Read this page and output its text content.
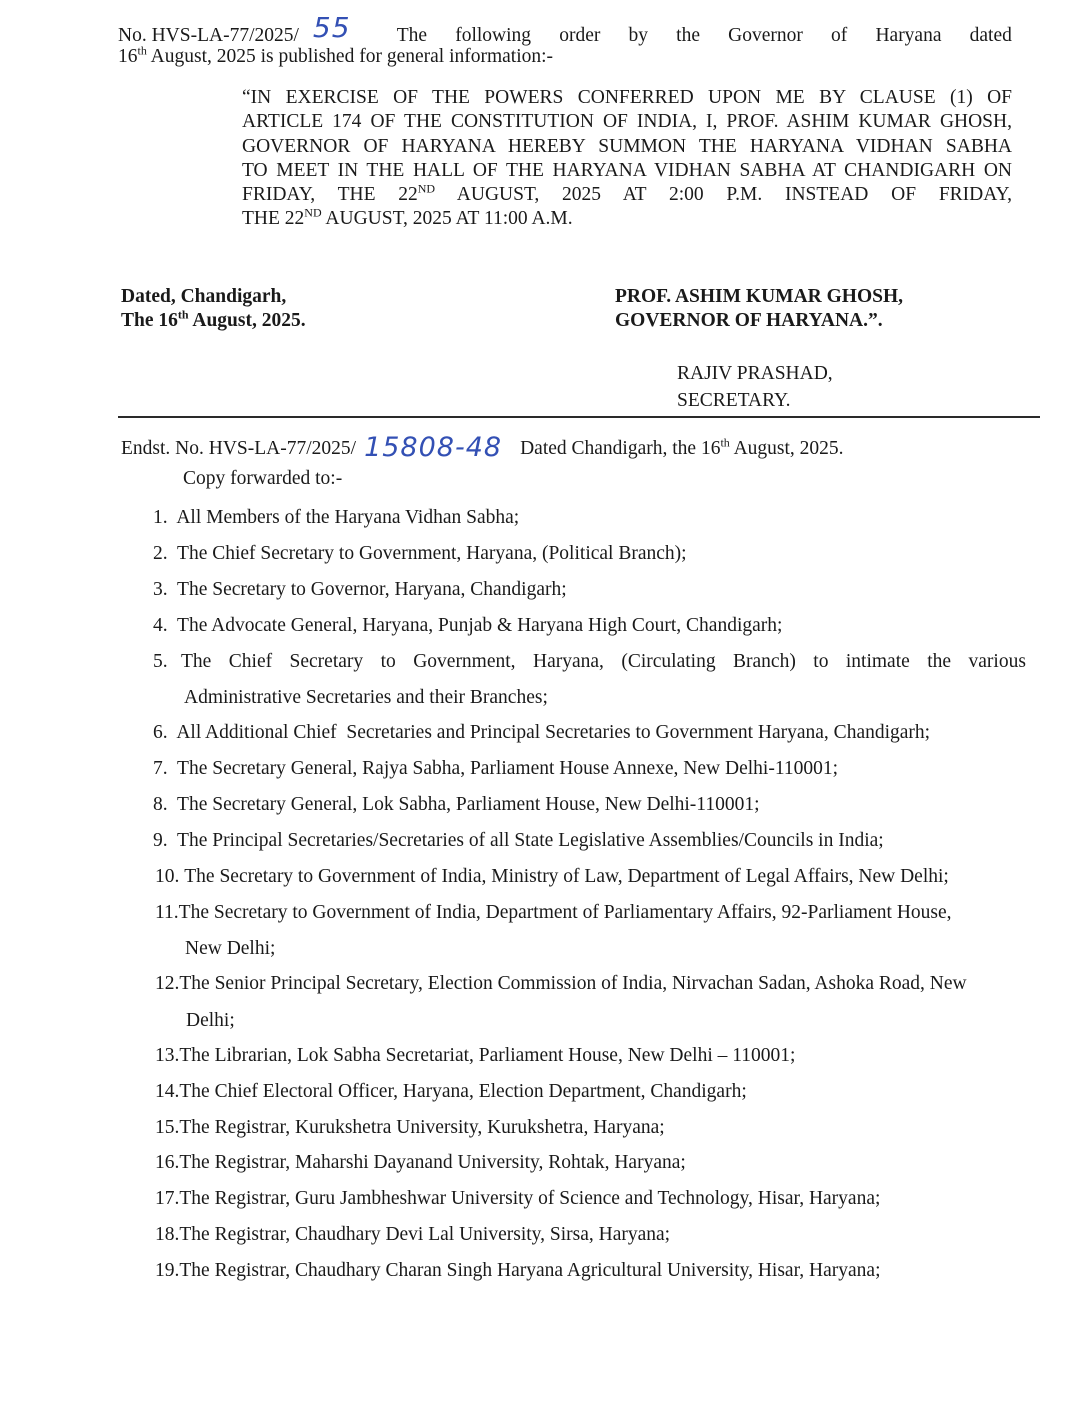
No. HVS-LA-77/2025/ 55	The following order by the Governor of Haryana dated
16th August, 2025 is published for general information:-
“IN EXERCISE OF THE POWERS CONFERRED UPON ME BY CLAUSE (1) OF
ARTICLE 174 OF THE CONSTITUTION OF INDIA, I, PROF. ASHIM KUMAR GHOSH,
GOVERNOR OF HARYANA HEREBY SUMMON THE HARYANA VIDHAN SABHA
TO MEET IN THE HALL OF THE HARYANA VIDHAN SABHA AT CHANDIGARH ON
FRIDAY, THE 22ND AUGUST, 2025 AT 2:00 P.M. INSTEAD OF FRIDAY,
THE 22ND AUGUST, 2025 AT 11:00 A.M.
Dated, Chandigarh,
The 16th August, 2025.
PROF. ASHIM KUMAR GHOSH,
GOVERNOR OF HARYANA.”.
RAJIV PRASHAD,
SECRETARY.
Endst. No. HVS-LA-77/2025/ 15808-48 Dated Chandigarh, the 16th August, 2025.
Copy forwarded to:-
1. All Members of the Haryana Vidhan Sabha;
2. The Chief Secretary to Government, Haryana, (Political Branch);
3. The Secretary to Governor, Haryana, Chandigarh;
4. The Advocate General, Haryana, Punjab & Haryana High Court, Chandigarh;
5. The Chief Secretary to Government, Haryana, (Circulating Branch) to intimate the various
Administrative Secretaries and their Branches;
6. All Additional Chief  Secretaries and Principal Secretaries to Government Haryana, Chandigarh;
7. The Secretary General, Rajya Sabha, Parliament House Annexe, New Delhi-110001;
8. The Secretary General, Lok Sabha, Parliament House, New Delhi-110001;
9. The Principal Secretaries/Secretaries of all State Legislative Assemblies/Councils in India;
10. The Secretary to Government of India, Ministry of Law, Department of Legal Affairs, New Delhi;
11.The Secretary to Government of India, Department of Parliamentary Affairs, 92-Parliament House,
New Delhi;
12.The Senior Principal Secretary, Election Commission of India, Nirvachan Sadan, Ashoka Road, New
Delhi;
13.The Librarian, Lok Sabha Secretariat, Parliament House, New Delhi – 110001;
14.The Chief Electoral Officer, Haryana, Election Department, Chandigarh;
15.The Registrar, Kurukshetra University, Kurukshetra, Haryana;
16.The Registrar, Maharshi Dayanand University, Rohtak, Haryana;
17.The Registrar, Guru Jambheshwar University of Science and Technology, Hisar, Haryana;
18.The Registrar, Chaudhary Devi Lal University, Sirsa, Haryana;
19.The Registrar, Chaudhary Charan Singh Haryana Agricultural University, Hisar, Haryana;
